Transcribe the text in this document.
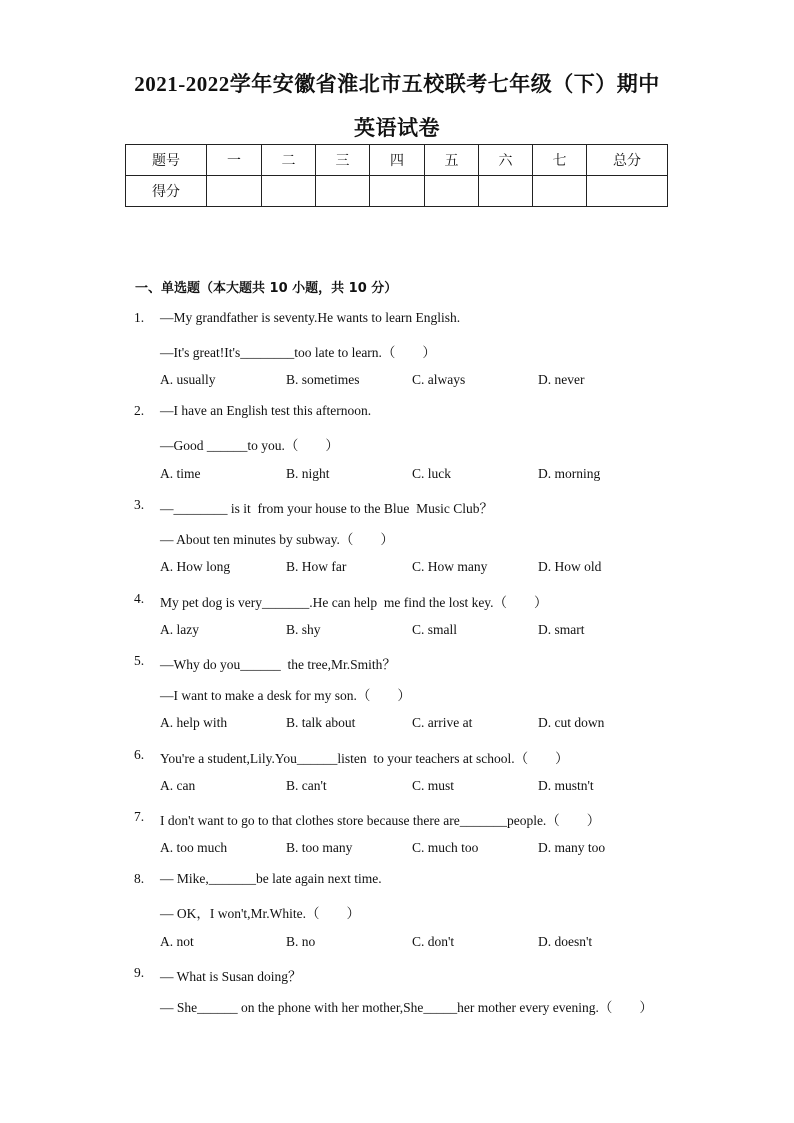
2021-2022学年安徽省淮北市五校联考七年级（下）期中
英语试卷
题号	一	二	三	四	五	六	七	总分
得分								
一、单选题（本大题共 10 小题，共 10 分）
1. —My grandfather is seventy.He wants to learn English.
—It's great!It's________too late to learn.（　　）
A. usually	B. sometimes	C. always	D. never
2. —I have an English test this afternoon.
—Good ______to you.（　　）
A. time	B. night	C. luck	D. morning
3. —________ is it  from your house to the Blue  Music Club？
— About ten minutes by subway.（　　）
A. How long	B. How far	C. How many	D. How old
4. My pet dog is very_______.He can help  me find the lost key.（　　）
A. lazy	B. shy	C. small	D. smart
5. —Why do you______  the tree,Mr.Smith？
—I want to make a desk for my son.（　　）
A. help with	B. talk about	C. arrive at	D. cut down
6. You're a student,Lily.You______listen  to your teachers at school.（　　）
A. can	B. can't	C. must	D. mustn't
7. I don't want to go to that clothes store because there are_______people.（　　）
A. too much	B. too many	C. much too	D. many too
8. — Mike,_______be late again next time.
— OK，I won't,Mr.White.（　　）
A. not	B. no	C. don't	D. doesn't
9. — What is Susan doing？
— She______ on the phone with her mother,She_____her mother every evening.（　　）
